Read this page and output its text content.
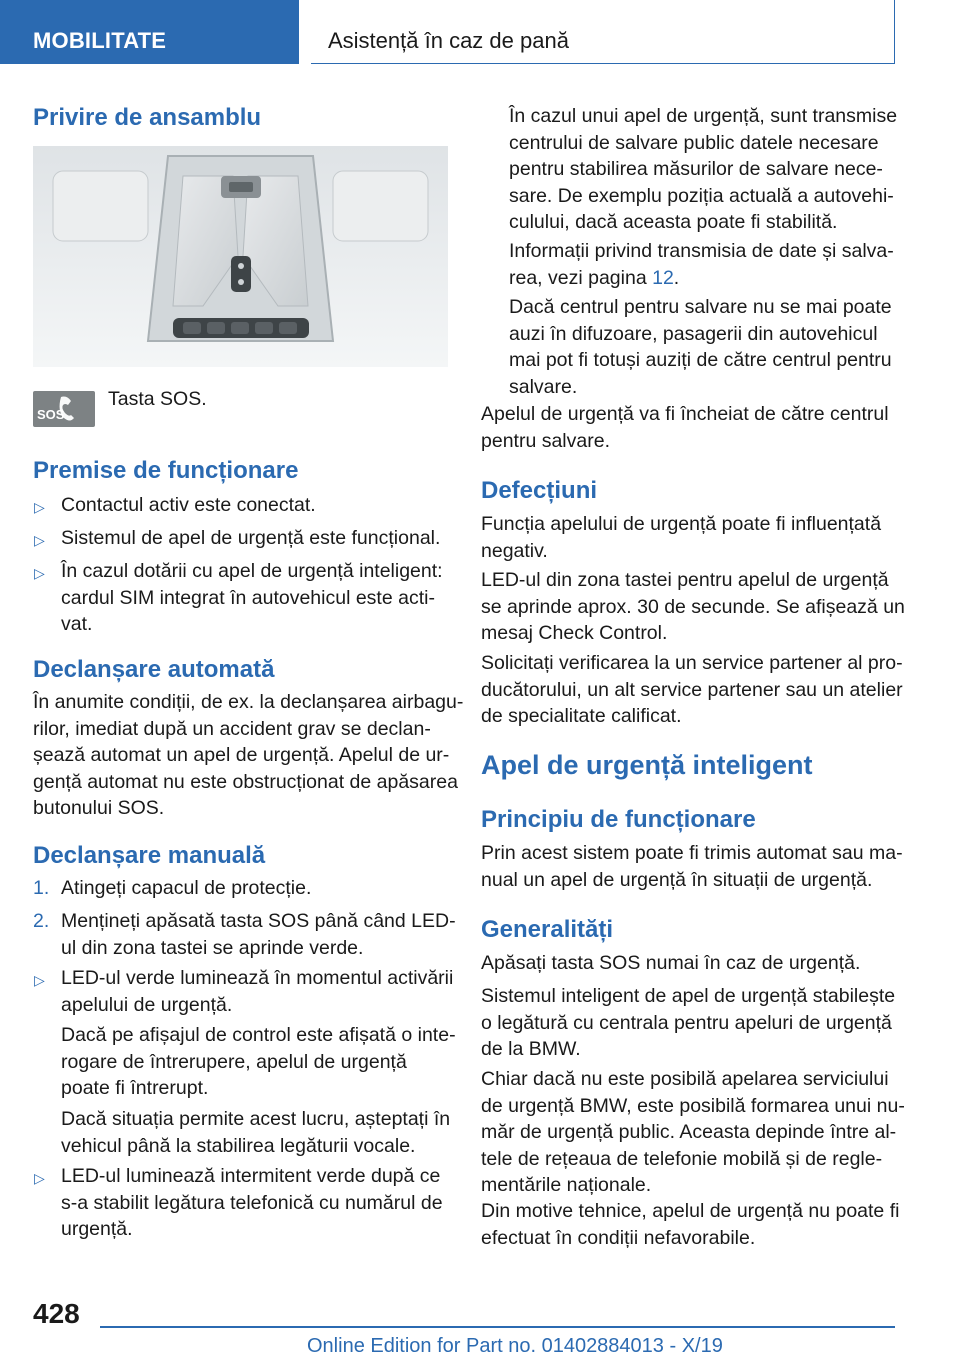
MOBILITATE	Asistență în caz de pană
Privire de ansamblu
SOS
Tasta SOS.
Premise de funcționare
▷ Contactul activ este conectat.
▷ Sistemul de apel de urgență este funcțional.
▷ În cazul dotării cu apel de urgență inteligent:
cardul SIM integrat în autovehicul este acti‐
vat.
Declanșare automată
În anumite condiții, de ex. la declanșarea airbagu‐
rilor, imediat după un accident grav se declan‐
șează automat un apel de urgență. Apelul de ur‐
gență automat nu este obstrucționat de apăsarea
butonului SOS.
Declanșare manuală
1. Atingeți capacul de protecție.
2. Mențineți apăsată tasta SOS până când LED‐
ul din zona tastei se aprinde verde.
▷ LED-ul verde luminează în momentul activării
apelului de urgență.
Dacă pe afișajul de control este afișată o inte‐
rogare de întrerupere, apelul de urgență
poate fi întrerupt.
Dacă situația permite acest lucru, așteptați în
vehicul până la stabilirea legăturii vocale.
▷ LED-ul luminează intermitent verde după ce
s-a stabilit legătura telefonică cu numărul de
urgență.
În cazul unui apel de urgență, sunt transmise
centrului de salvare public datele necesare
pentru stabilirea măsurilor de salvare nece‐
sare. De exemplu poziția actuală a autovehi‐
culului, dacă aceasta poate fi stabilită.
Informații privind transmisia de date și salva‐
rea, vezi pagina 12.
Dacă centrul pentru salvare nu se mai poate
auzi în difuzoare, pasagerii din autovehicul
mai pot fi totuși auziți de către centrul pentru
salvare.
Apelul de urgență va fi încheiat de către centrul
pentru salvare.
Defecțiuni
Funcția apelului de urgență poate fi influențată
negativ.
LED-ul din zona tastei pentru apelul de urgență
se aprinde aprox. 30 de secunde. Se afișează un
mesaj Check Control.
Solicitați verificarea la un service partener al pro‐
ducătorului, un alt service partener sau un atelier
de specialitate calificat.
Apel de urgență inteligent
Principiu de funcționare
Prin acest sistem poate fi trimis automat sau ma‐
nual un apel de urgență în situații de urgență.
Generalități
Apăsați tasta SOS numai în caz de urgență.
Sistemul inteligent de apel de urgență stabilește
o legătură cu centrala pentru apeluri de urgență
de la BMW.
Chiar dacă nu este posibilă apelarea serviciului
de urgență BMW, este posibilă formarea unui nu‐
măr de urgență public. Aceasta depinde între al‐
tele de rețeaua de telefonie mobilă și de regle‐
mentările naționale.
Din motive tehnice, apelul de urgență nu poate fi
efectuat în condiții nefavorabile.
428
Online Edition for Part no. 01402884013 - X/19
